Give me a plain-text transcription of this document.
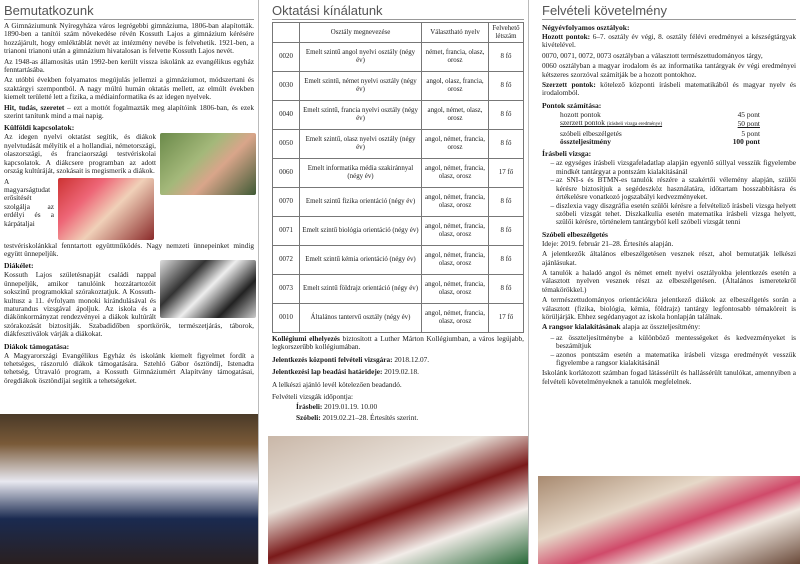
Bemutatkozunk

A Gimnáziumunk Nyíregyháza város legrégebbi gimnáziuma, 1806-ban alapították. 1890-ben a tanítói szám növekedése révén Kossuth Lajos a gimnázium kérésére hozzájárult, hogy emléktáblát nevét az intézmény nevébe is felvehetik. 1921-ben, a trianoni trianoni után a gimnázium hivatalosan is felvette Kossuth Lajos nevét.

Az 1948-as államosítás után 1992-ben került vissza iskolánk az evangélikus egyház fenntartásába.

Az utóbbi években folyamatos megújulás jellemzi a gimnáziumot, módszertani és szaktárgyi szempontból. A nagy múltú humán oktatás mellett, az elmúlt években kiemelt területté lett a fizika, a médiainformatika és az idegen nyelvek.

Hit, tudás, szeretet – ezt a mottót fogalmazták meg alapítóink 1806-ban, és ezek szerint tanítunk mind a mai napig.

Külföldi kapcsolatok:

Az idegen nyelvi oktatást segítik, és diákok nyelvtudását mélyítik el a hollandiai, németországi, olaszországi, és franciaországi testvériskolai kapcsolatok. A diákcsere programban az adott ország kultúráját, szokásait is megismerik a diákok.

A magyarságtudat erősítését szolgálja az erdélyi és a kárpátaljai testvériskolánkkal fenntartott együttműködés. Nagy nemzeti ünnepeinket mindig együtt ünnepeljük.

Diákélet:

Kossuth Lajos születésnapját családi nappal ünnepeljük, amikor tanulóink hozzátartozóit sokszínű programokkal szórakoztatjuk. A Kossuth-kultusz a 11. évfolyam monoki kirándulásával és maturandus vizsgával ápoljuk. Az iskola és a diákönkormányzat rendezvényei a diákok kultúrált szórakozását biztosítják. Szabadidőben sportkörök, természetjárás, táborok, diákfesztiválok várják a diákokat.

Diákok támogatása:

A Magyarországi Evangélikus Egyház és iskolánk kiemelt figyelmet fordít a tehetséges, rászoruló diákok támogatására. Sztehló Gábor ösztöndíj, Istenadta tehetség, Útravaló program, a Kossuth Gimnáziumért Alapítvány támogatásai, öregdiákok ösztöndíjai segítik a tehetségeket.

Oktatási kínálatunk
	Osztály megnevezése	Választható nyelv	Felvehető létszám
0020	Emelt szintű angol nyelvi osztály (négy év)	német, francia, olasz, orosz	8 fő
0030	Emelt szintű, német nyelvi osztály (négy év)	angol, olasz, francia, orosz	8 fő
0040	Emelt szintű, francia nyelvi osztály (négy év)	angol, német, olasz, orosz	8 fő
0050	Emelt szintű, olasz nyelvi osztály (négy év)	angol, német, francia, orosz	8 fő
0060	Emelt informatika média szakiránnyal (négy év)	angol, német, francia, olasz, orosz	17 fő
0070	Emelt szintű fizika orientáció (négy év)	angol, német, francia, olasz, orosz	8 fő
0071	Emelt szintű biológia orientáció (négy év)	angol, német, francia, olasz, orosz	8 fő
0072	Emelt szintű kémia orientáció (négy év)	angol, német, francia, olasz, orosz	8 fő
0073	Emelt szintű földrajz orientáció (négy év)	angol, német, francia, olasz, orosz	8 fő
0010	Általános tantervű osztály (négy év)	angol, német, francia, olasz, orosz	17 fő

Kollégiumi elhelyezés biztosított a Luther Márton Kollégiumban, a város legújabb, legkorszerűbb kollégiumában.

Jelentkezés központi felvételi vizsgára: 2018.12.07.

Jelentkezési lap beadási határideje: 2019.02.18.

A lelkészi ajánló levél kötelezően beadandó.

Felvételi vizsgák időpontja:

Írásbeli: 2019.01.19. 10.00

Szóbeli: 2019.02.21–28. Értesítés szerint.

Felvételi követelmény
Négyévfolyamos osztályok:

Hozott pontok: 6–7. osztály év végi, 8. osztály félévi eredményei a készségtárgyak kivételével.

0070, 0071, 0072, 0073 osztályban a választott természettudományos tárgy,

0060 osztályban a magyar irodalom és az informatika tantárgyak év végi eredményei kétszeres szorzóval számítják be a hozott pontokhoz.

Szerzett pontok: kötelező központi írásbeli matematikából és magyar nyelv és irodalomból.

Pontok számítása:
hozott pontok	45 pont
szerzett pontok (írásbeli vizsga eredménye)	50 pont
szóbeli elbeszélgetés	5 pont
összteljesítmény	100 pont
Írásbeli vizsga:
– az egységes írásbeli vizsgafeladatlap alapján egyenlő súllyal vesszük figyelembe mindkét tantárgyat a pontszám kialakításánál
– az SNI-s és BTMN-es tanulók részére a szakértői vélemény alapján, szülői kérésre biztosítjuk a segédeszköz használatára, időtartam hosszabbításra és értékelésre vonatkozó jogszabályi kedvezményeket.
– diszlexia vagy diszgráfia esetén szülői kérésre a felvételiző írásbeli vizsga helyett szóbeli vizsgát tehet. Diszkalkulia esetén matematika írásbeli vizsga helyett, szülői kérésre, történelem tantárgyból kell szóbeli vizsgát tenni
Szóbeli elbeszélgetés

Ideje: 2019. február 21–28. Értesítés alapján.

A jelentkezők általános elbeszélgetésen vesznek részt, ahol bemutatják lelkészi ajánlásukat.

A tanulók a haladó angol és német emelt nyelvi osztályokba jelentkezés esetén a választott nyelven vesznek részt az elbeszélgetésen. (Általános ismeretekről témakörökkel.)

A természettudományos orientációkra jelentkező diákok az elbeszélgetés során a választott (fizika, biológia, kémia, földrajz) tantárgy legfontosabb témaköreit is körüljárják. Ehhez segédanyagot az iskola honlapján találnak.

A rangsor kialakításának alapja az összteljesítmény:

– az összteljesítménybe a különböző mentességeket és kedvezményeket is beszámítjuk
– azonos pontszám esetén a matematika írásbeli vizsga eredményét vesszük figyelembe a rangsor kialakításánál

Iskolánk korlátozott számban fogad látássérült és hallássérült tanulókat, amennyiben a felvételi követelményeknek a tanulók megfelelnek.
